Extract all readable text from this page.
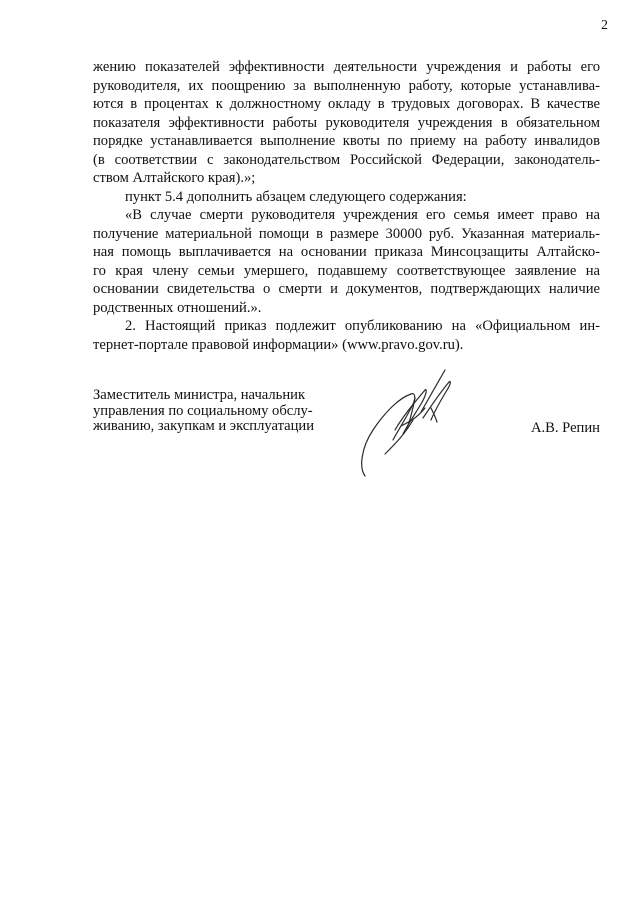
2
жению показателей эффективности деятельности учреждения и работы его
руководителя, их поощрению за выполненную работу, которые устанавлива-
ются в процентах к должностному окладу в трудовых договорах. В качестве
показателя эффективности работы руководителя учреждения в обязательном
порядке устанавливается выполнение квоты по приему на работу инвалидов
(в соответствии с законодательством Российской Федерации, законодатель-
ством Алтайского края).»;
пункт 5.4 дополнить абзацем следующего содержания:
«В случае смерти руководителя учреждения его семья имеет право на
получение материальной помощи в размере 30000 руб. Указанная материаль-
ная помощь выплачивается на основании приказа Минсоцзащиты Алтайско-
го края члену семьи умершего, подавшему соответствующее заявление на
основании свидетельства о смерти и документов, подтверждающих наличие
родственных отношений.».
2. Настоящий приказ подлежит опубликованию на «Официальном ин-
тернет-портале правовой информации» (www.pravo.gov.ru).
Заместитель министра, начальник
управления по социальному обслу-
живанию, закупкам и эксплуатации	А.В. Репин
